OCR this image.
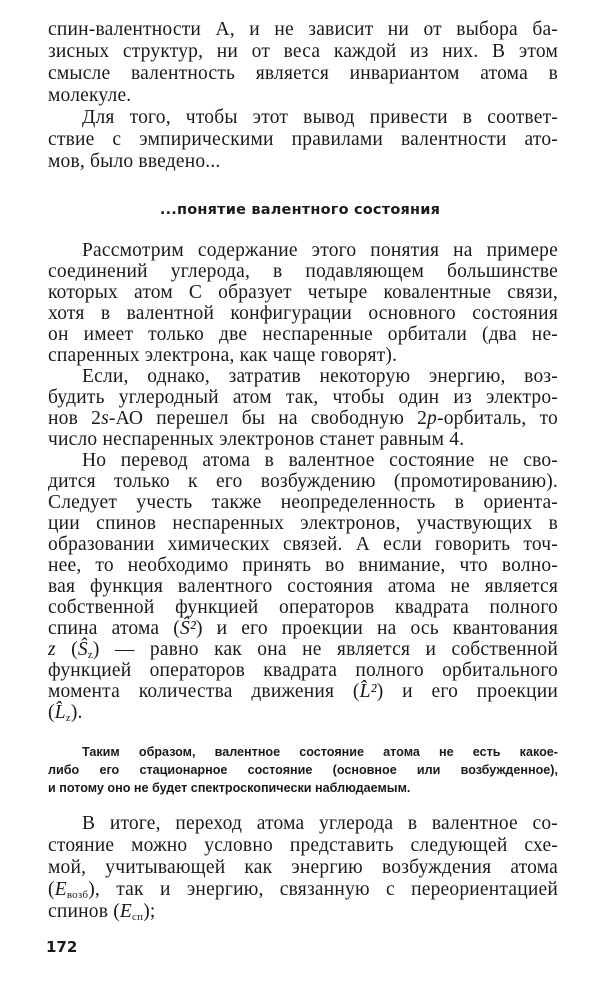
спин-валентности А, и не зависит ни от выбора ба-
зисных структур, ни от веса каждой из них. В этом
смысле валентность является инвариантом атома в
молекуле.
Для того, чтобы этот вывод привести в соответ-
ствие с эмпирическими правилами валентности ато-
мов, было введено...
...понятие валентного состояния
Рассмотрим содержание этого понятия на примере
соединений углерода, в подавляющем большинстве
которых атом С образует четыре ковалентные связи,
хотя в валентной конфигурации основного состояния
он имеет только две неспаренные орбитали (два не-
спаренных электрона, как чаще говорят).
Если, однако, затратив некоторую энергию, воз-
будить углеродный атом так, чтобы один из электро-
нов 2s-АО перешел бы на свободную 2p-орбиталь, то
число неспаренных электронов станет равным 4.
Но перевод атома в валентное состояние не сво-
дится только к его возбуждению (промотированию).
Следует учесть также неопределенность в ориента-
ции спинов неспаренных электронов, участвующих в
образовании химических связей. А если говорить точ-
нее, то необходимо принять во внимание, что волно-
вая функция валентного состояния атома не является
собственной функцией операторов квадрата полного
спина атома (Ŝ²) и его проекции на ось квантования
z $(Ŝ_z)$ — равно как она не является и собственной
функцией операторов квадрата полного орбитального
момента количества движения (L̂²) и его проекции
$(L̂_z)$.
Таким образом, валентное состояние атома не есть какое-
либо его стационарное состояние (основное или возбужденное),
и потому оно не будет спектроскопически наблюдаемым.
В итоге, переход атома углерода в валентное со-
стояние можно условно представить следующей схе-
мой, учитывающей как энергию возбуждения атома
$(E_{возб})$, так и энергию, связанную с переориентацией
спинов $(E_{сп})$;
172
